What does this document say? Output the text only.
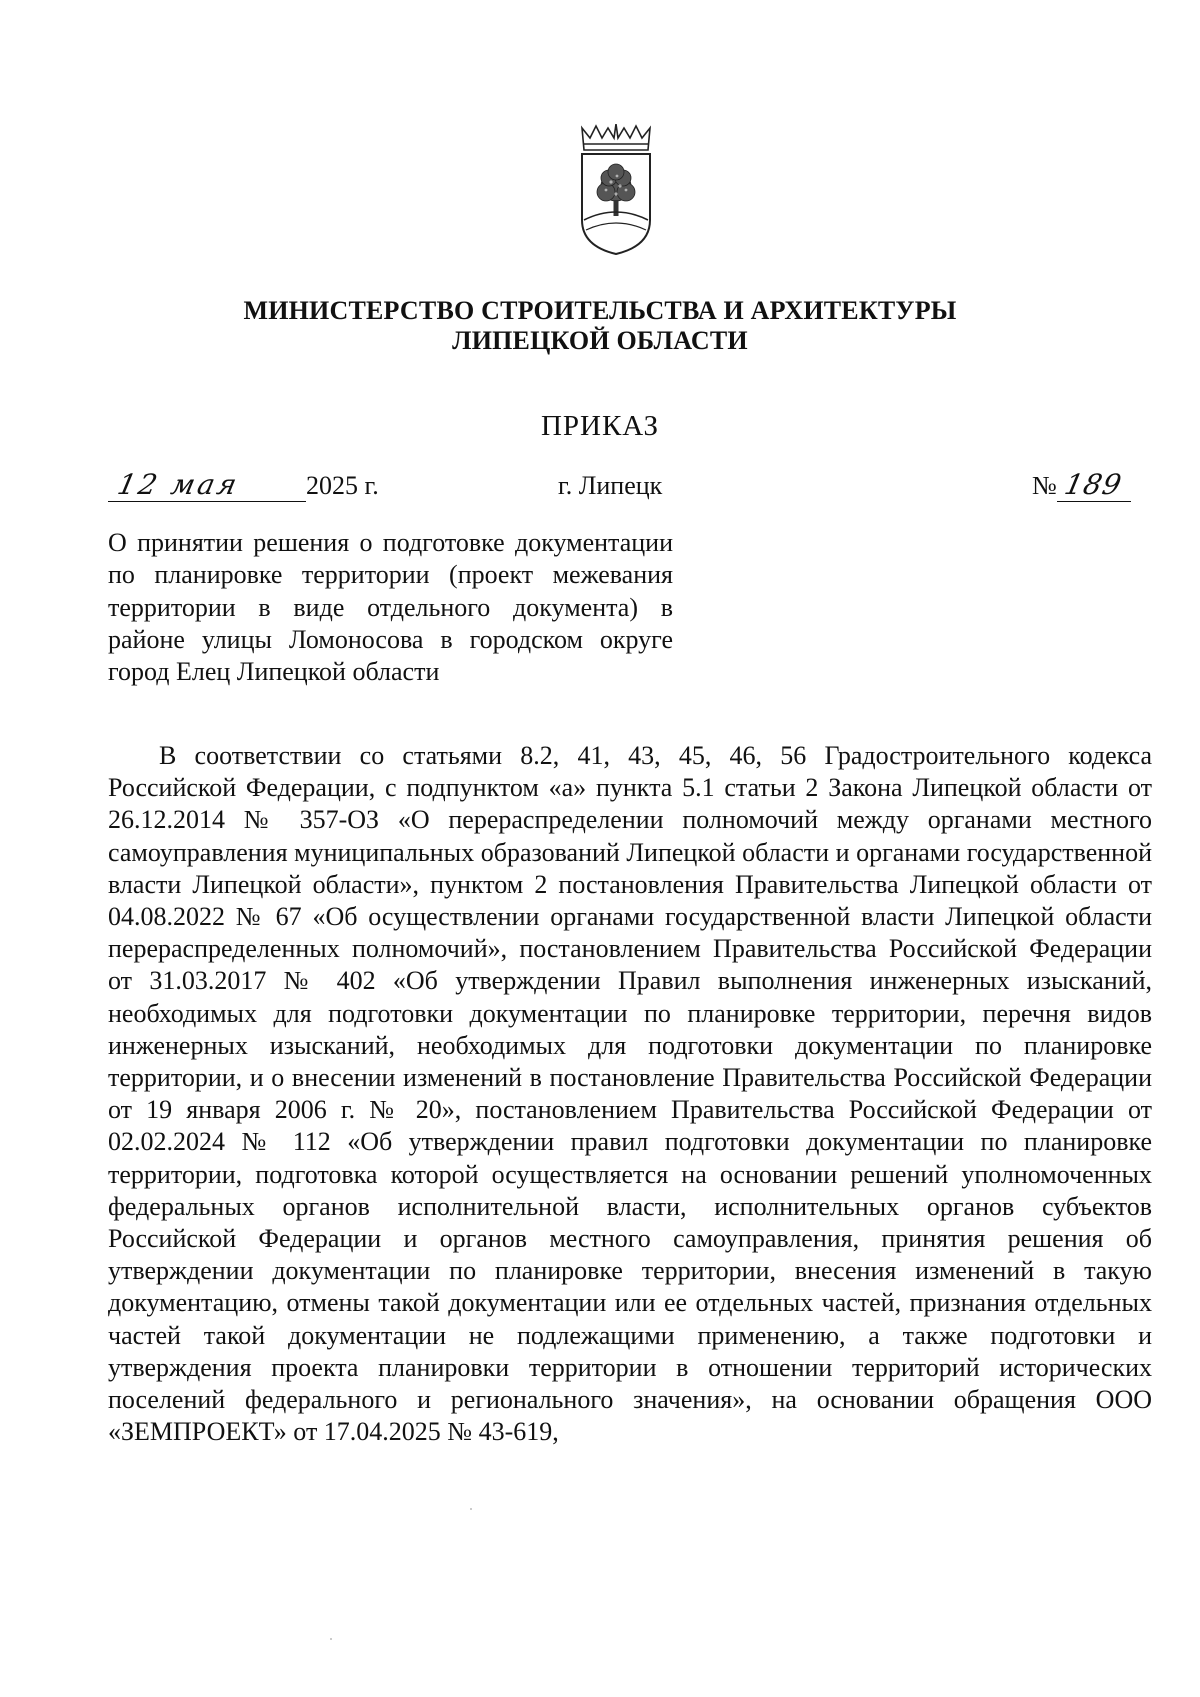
МИНИСТЕРСТВО СТРОИТЕЛЬСТВА И АРХИТЕКТУРЫ
ЛИПЕЦКОЙ ОБЛАСТИ
ПРИКАЗ
12 мая 2025 г.	г. Липецк	№ 189
О принятии решения о подготовке документации по планировке территории (проект межевания территории в виде отдельного документа) в районе улицы Ломоносова в городском округе город Елец Липецкой области

В соответствии со статьями 8.2, 41, 43, 45, 46, 56 Градостроительного кодекса Российской Федерации, с подпунктом «а» пункта 5.1 статьи 2 Закона Липецкой области от 26.12.2014 № 357-ОЗ «О перераспределении полномочий между органами местного самоуправления муниципальных образований Липецкой области и органами государственной власти Липецкой области», пунктом 2 постановления Правительства Липецкой области от 04.08.2022 № 67 «Об осуществлении органами государственной власти Липецкой области перераспределенных полномочий», постановлением Правительства Российской Федерации от 31.03.2017 № 402 «Об утверждении Правил выполнения инженерных изысканий, необходимых для подготовки документации по планировке территории, перечня видов инженерных изысканий, необходимых для подготовки документации по планировке территории, и о внесении изменений в постановление Правительства Российской Федерации от 19 января 2006 г. № 20», постановлением Правительства Российской Федерации от 02.02.2024 № 112 «Об утверждении правил подготовки документации по планировке территории, подготовка которой осуществляется на основании решений уполномоченных федеральных органов исполнительной власти, исполнительных органов субъектов Российской Федерации и органов местного самоуправления, принятия решения об утверждении документации по планировке территории, внесения изменений в такую документацию, отмены такой документации или ее отдельных частей, признания отдельных частей такой документации не подлежащими применению, а также подготовки и утверждения проекта планировки территории в отношении территорий исторических поселений федерального и регионального значения», на основании обращения ООО «ЗЕМПРОЕКТ» от 17.04.2025 № 43-619,
